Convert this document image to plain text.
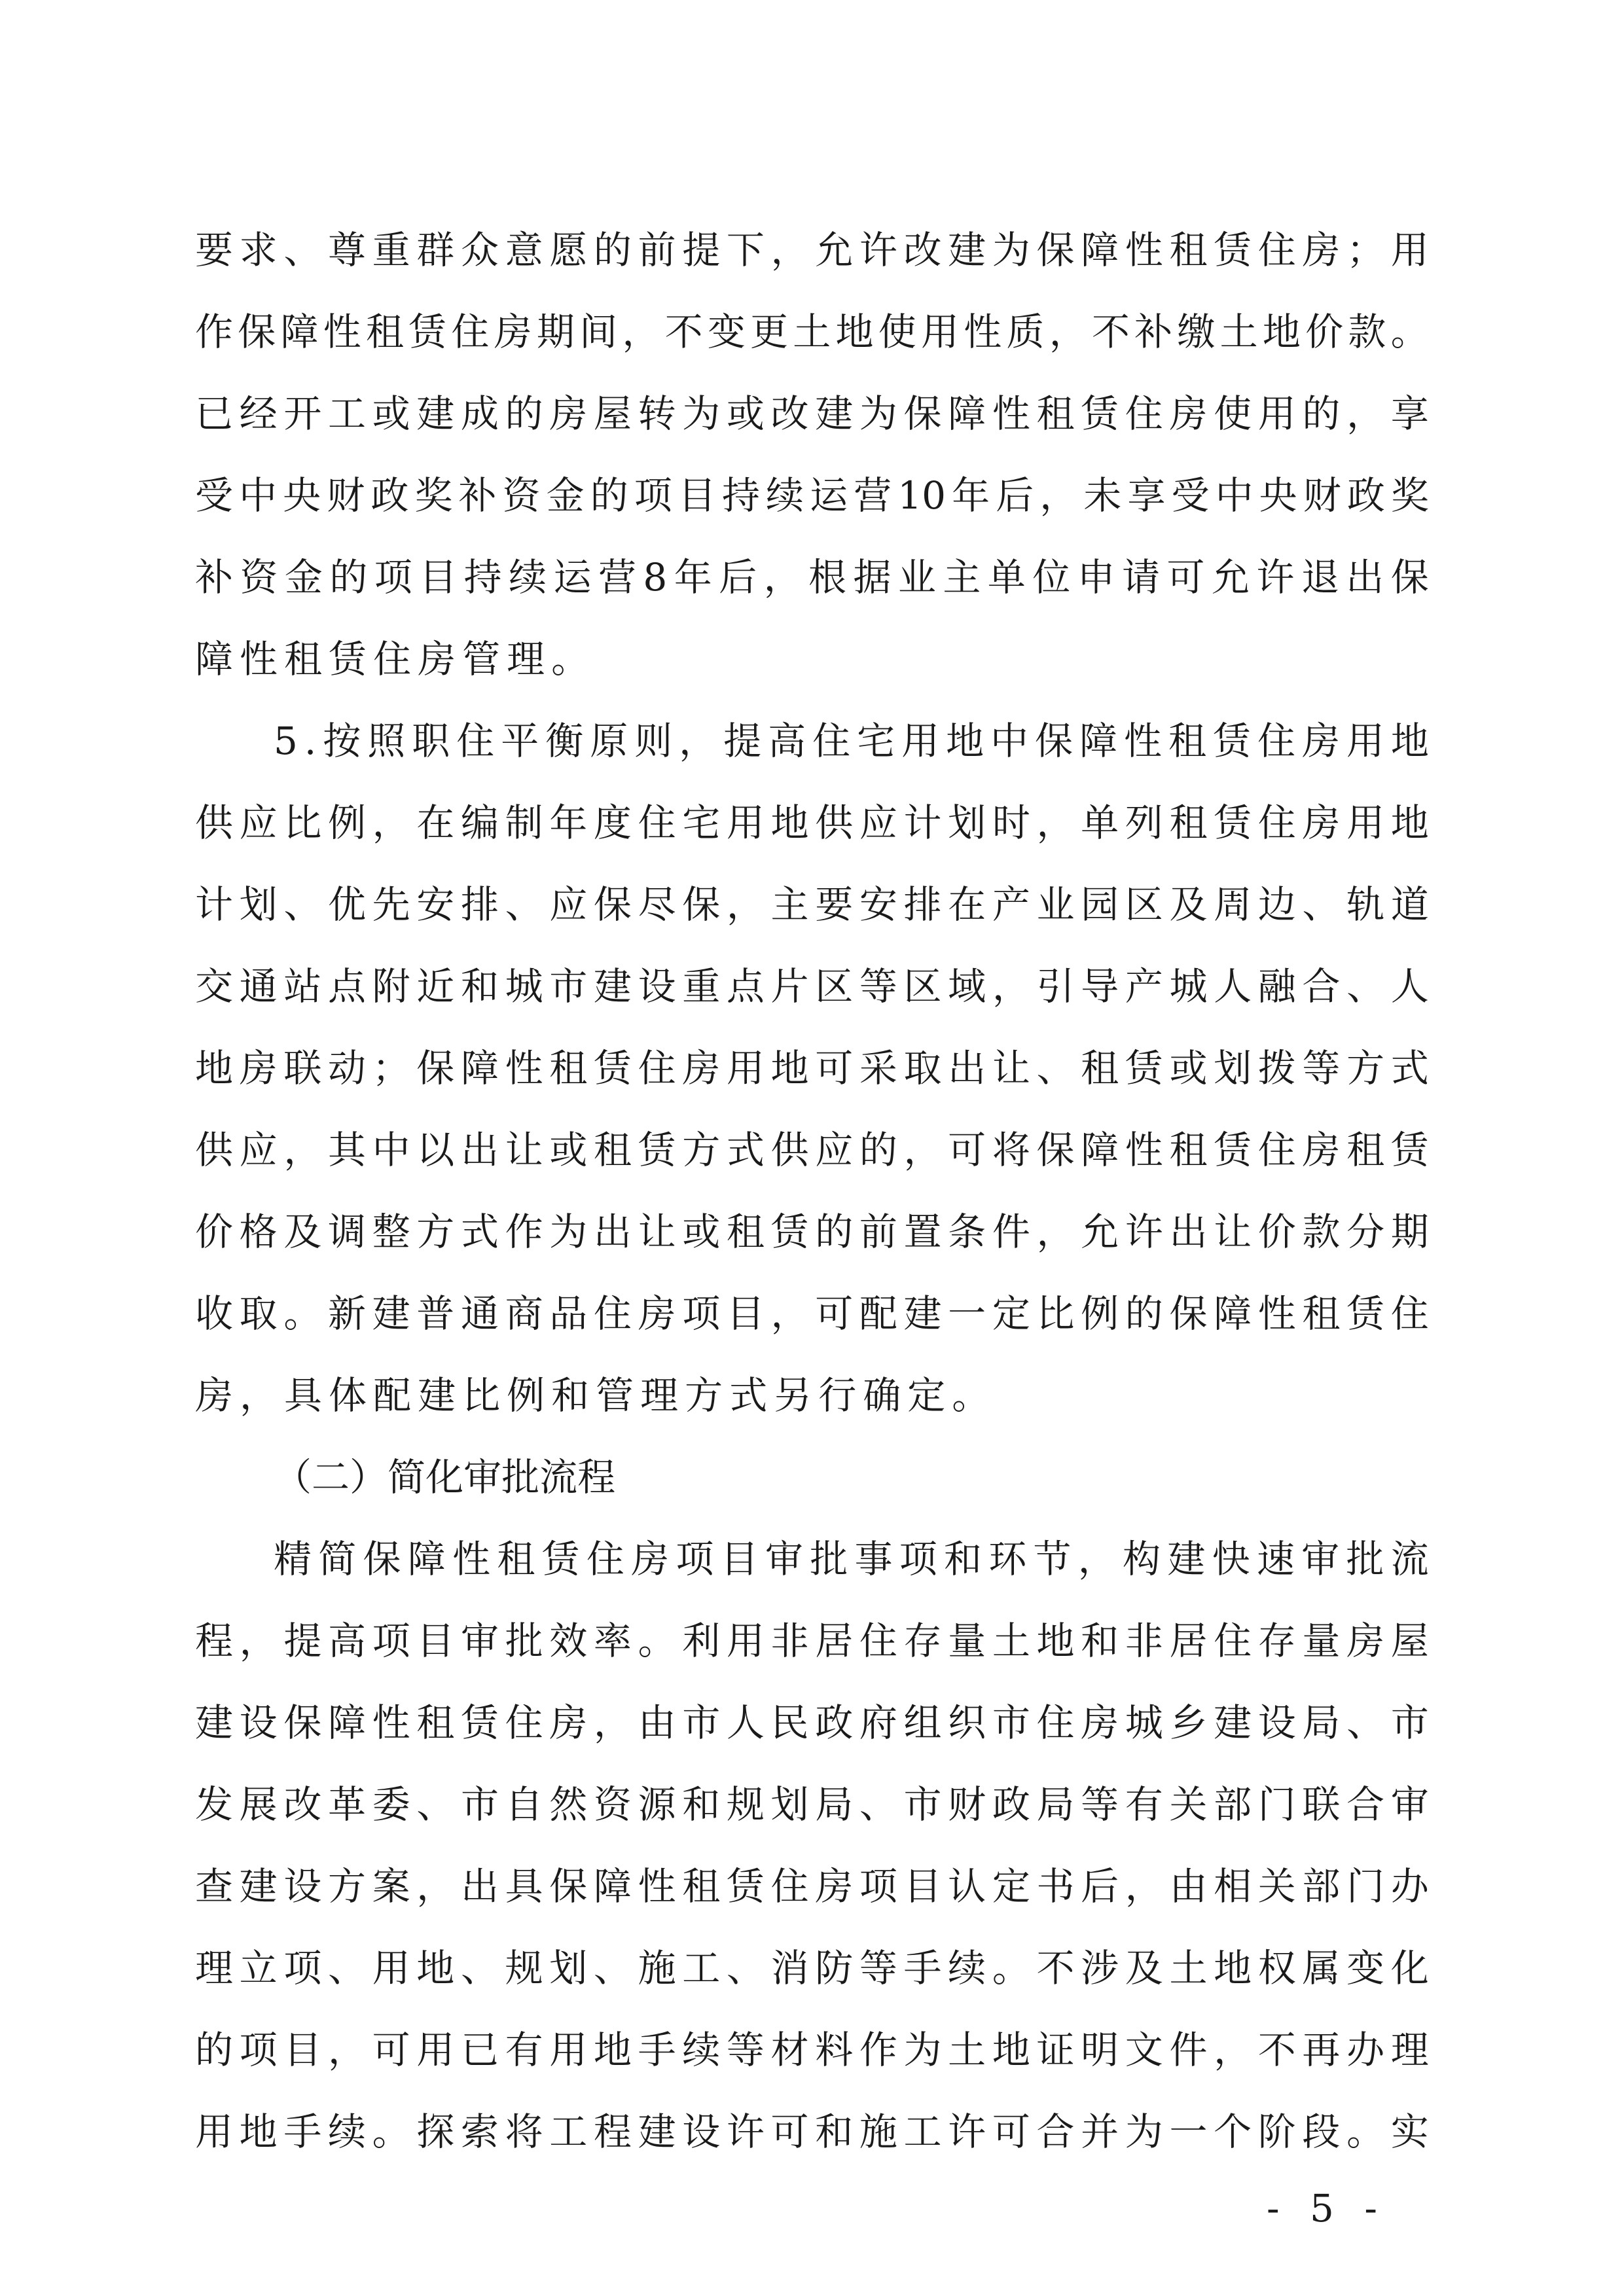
要 求 、 尊 重 群 众 意 愿 的 前 提 下 ， 允 许 改 建 为 保 障 性 租 赁 住 房 ； 用
作 保 障 性 租 赁 住 房 期 间 ， 不 变 更 土 地 使 用 性 质 ， 不 补 缴 土 地 价 款 。
已 经 开 工 或 建 成 的 房 屋 转 为 或 改 建 为 保 障 性 租 赁 住 房 使 用 的 ， 享
受 中 央 财 政 奖 补 资 金 的 项 目 持 续 运 营 10 年 后 ， 未 享 受 中 央 财 政 奖
补 资 金 的 项 目 持 续 运 营 8 年 后 ， 根 据 业 主 单 位 申 请 可 允 许 退 出 保
障 性 租 赁 住 房 管 理 。
5 . 按 照 职 住 平 衡 原 则 ， 提 高 住 宅 用 地 中 保 障 性 租 赁 住 房 用 地
供 应 比 例 ， 在 编 制 年 度 住 宅 用 地 供 应 计 划 时 ， 单 列 租 赁 住 房 用 地
计 划 、 优 先 安 排 、 应 保 尽 保 ， 主 要 安 排 在 产 业 园 区 及 周 边 、 轨 道
交 通 站 点 附 近 和 城 市 建 设 重 点 片 区 等 区 域 ， 引 导 产 城 人 融 合 、 人
地 房 联 动 ； 保 障 性 租 赁 住 房 用 地 可 采 取 出 让 、 租 赁 或 划 拨 等 方 式
供 应 ， 其 中 以 出 让 或 租 赁 方 式 供 应 的 ， 可 将 保 障 性 租 赁 住 房 租 赁
价 格 及 调 整 方 式 作 为 出 让 或 租 赁 的 前 置 条 件 ， 允 许 出 让 价 款 分 期
收 取 。 新 建 普 通 商 品 住 房 项 目 ， 可 配 建 一 定 比 例 的 保 障 性 租 赁 住
房 ， 具 体 配 建 比 例 和 管 理 方 式 另 行 确 定 。
（ 二 ） 简 化 审 批 流 程
精 简 保 障 性 租 赁 住 房 项 目 审 批 事 项 和 环 节 ， 构 建 快 速 审 批 流
程 ， 提 高 项 目 审 批 效 率 。 利 用 非 居 住 存 量 土 地 和 非 居 住 存 量 房 屋
建 设 保 障 性 租 赁 住 房 ， 由 市 人 民 政 府 组 织 市 住 房 城 乡 建 设 局 、 市
发 展 改 革 委 、 市 自 然 资 源 和 规 划 局 、 市 财 政 局 等 有 关 部 门 联 合 审
查 建 设 方 案 ， 出 具 保 障 性 租 赁 住 房 项 目 认 定 书 后 ， 由 相 关 部 门 办
理 立 项 、 用 地 、 规 划 、 施 工 、 消 防 等 手 续 。 不 涉 及 土 地 权 属 变 化
的 项 目 ， 可 用 已 有 用 地 手 续 等 材 料 作 为 土 地 证 明 文 件 ， 不 再 办 理
用 地 手 续 。 探 索 将 工 程 建 设 许 可 和 施 工 许 可 合 并 为 一 个 阶 段 。 实
- 5 -
